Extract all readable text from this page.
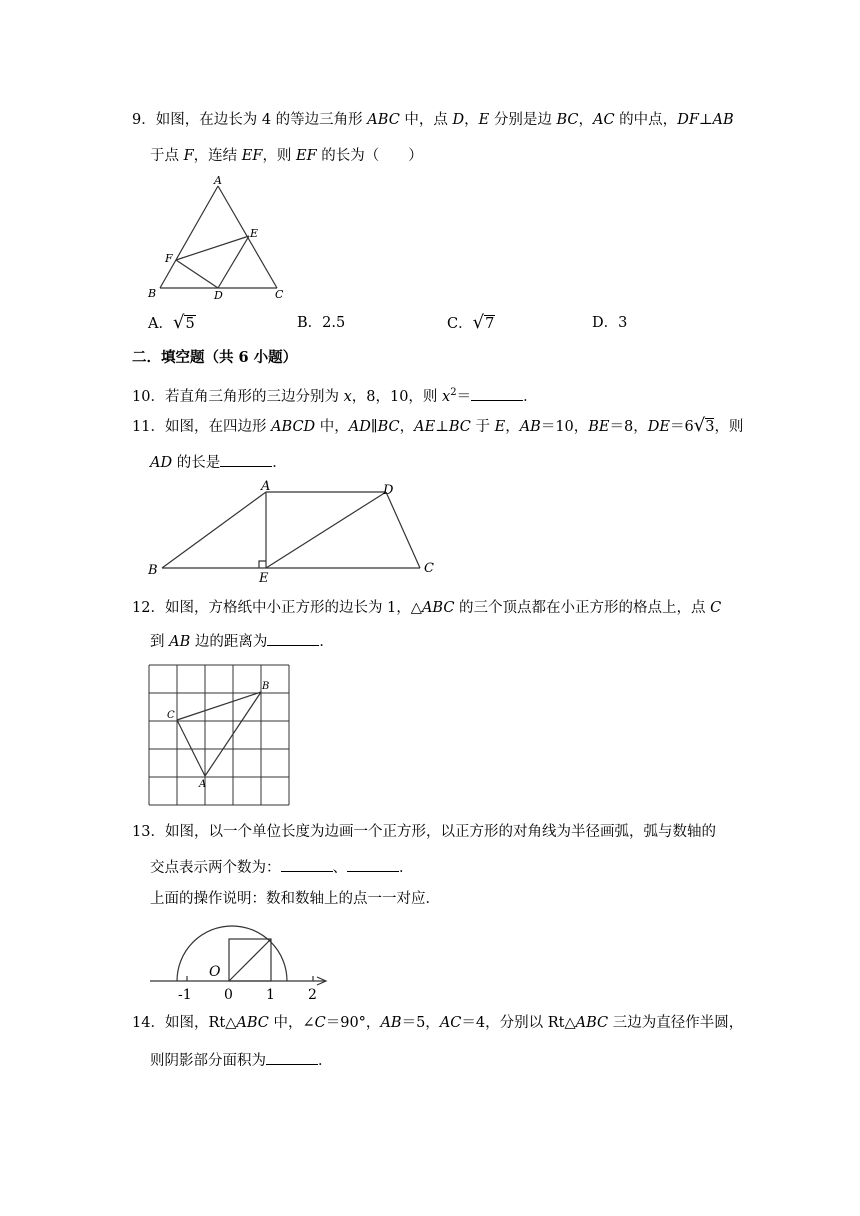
9．如图，在边长为 4 的等边三角形 ABC 中，点 D，E 分别是边 BC，AC 的中点，DF⊥AB
于点 F，连结 EF，则 EF 的长为（　　）
A
B	C
D
E
F
A．√5	B．2.5	C．√7	D．3
二．填空题（共 6 小题）
10．若直角三角形的三边分别为 x，8，10，则 $x^2=$	．
11．如图，在四边形 ABCD 中，AD∥BC，AE⊥BC 于 E，AB＝10，BE＝8，DE＝6√3，则
AD 的长是	．
A
B	C
D
E
12．如图，方格纸中小正方形的边长为 1，△ABC 的三个顶点都在小正方形的格点上，点 C
到 AB 边的距离为	．
B
C
A
13．如图，以一个单位长度为边画一个正方形，以正方形的对角线为半径画弧，弧与数轴的
交点表示两个数为：	、	．
上面的操作说明：数和数轴上的点一一对应．
O
-1 0 1 2
14．如图，Rt△ABC 中，∠C＝90°，AB＝5，AC＝4，分别以 Rt△ABC 三边为直径作半圆，
则阴影部分面积为	．
